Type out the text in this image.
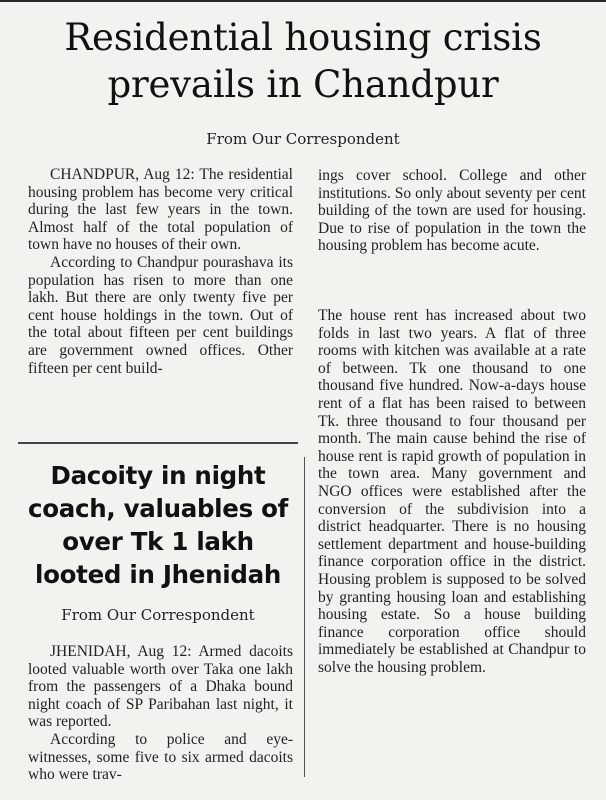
Residential housing crisis
prevails in Chandpur
From Our Correspondent

CHANDPUR, Aug 12: The residential housing problem has become very critical during the last few years in the town. Almost half of the total population of town have no houses of their own.

According to Chandpur pourashava its population has risen to more than one lakh. But there are only twenty five per cent house holdings in the town. Out of the total about fifteen per cent buildings are government owned offices. Other fifteen per cent build-

ings cover school. College and other institutions. So only about seventy per cent building of the town are used for housing. Due to rise of population in the town the housing problem has become acute.

The house rent has increased about two folds in last two years. A flat of three rooms with kitchen was available at a rate of between. Tk one thousand to one thousand five hundred. Now-a-days house rent of a flat has been raised to between Tk. three thousand to four thousand per month. The main cause behind the rise of house rent is rapid growth of population in the town area. Many government and NGO offices were established after the conversion of the subdivision into a district headquarter. There is no housing settlement department and house-building finance corporation office in the district. Housing problem is supposed to be solved by granting housing loan and establishing housing estate. So a house building finance corporation office should immediately be established at Chandpur to solve the housing problem.

Dacoity in night coach, valuables of over Tk 1 lakh looted in Jhenidah
From Our Correspondent

JHENIDAH, Aug 12: Armed dacoits looted valuable worth over Taka one lakh from the passengers of a Dhaka bound night coach of SP Paribahan last night, it was reported.

According to police and eye-witnesses, some five to six armed dacoits who were trav-
